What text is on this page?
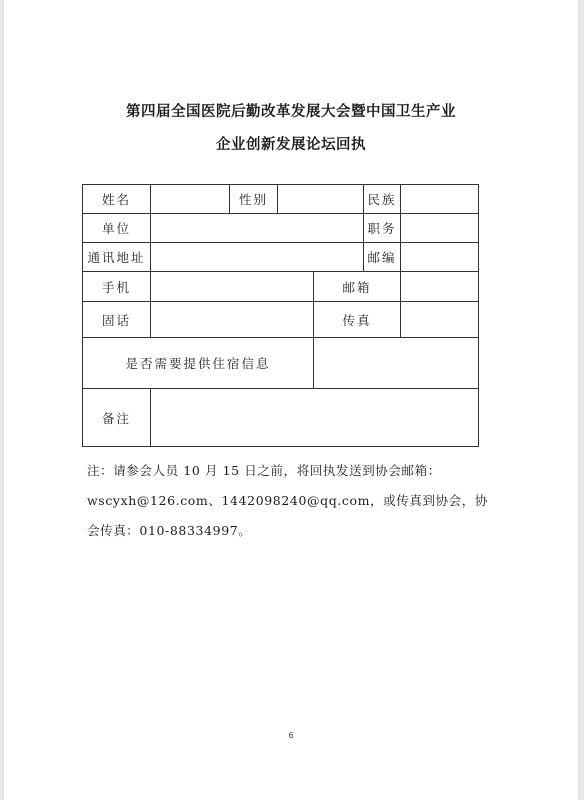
第四届全国医院后勤改革发展大会暨中国卫生产业
企业创新发展论坛回执
姓名		性别			民族	
单位					职务	
通讯地址					邮编	
手机				邮箱		
固话				传真		
是否需要提供住宿信息						
备注						
注：请参会人员 10 月 15 日之前，将回执发送到协会邮箱：
wscyxh@126.com、1442098240@qq.com，或传真到协会，协
会传真：010-88334997。
6
